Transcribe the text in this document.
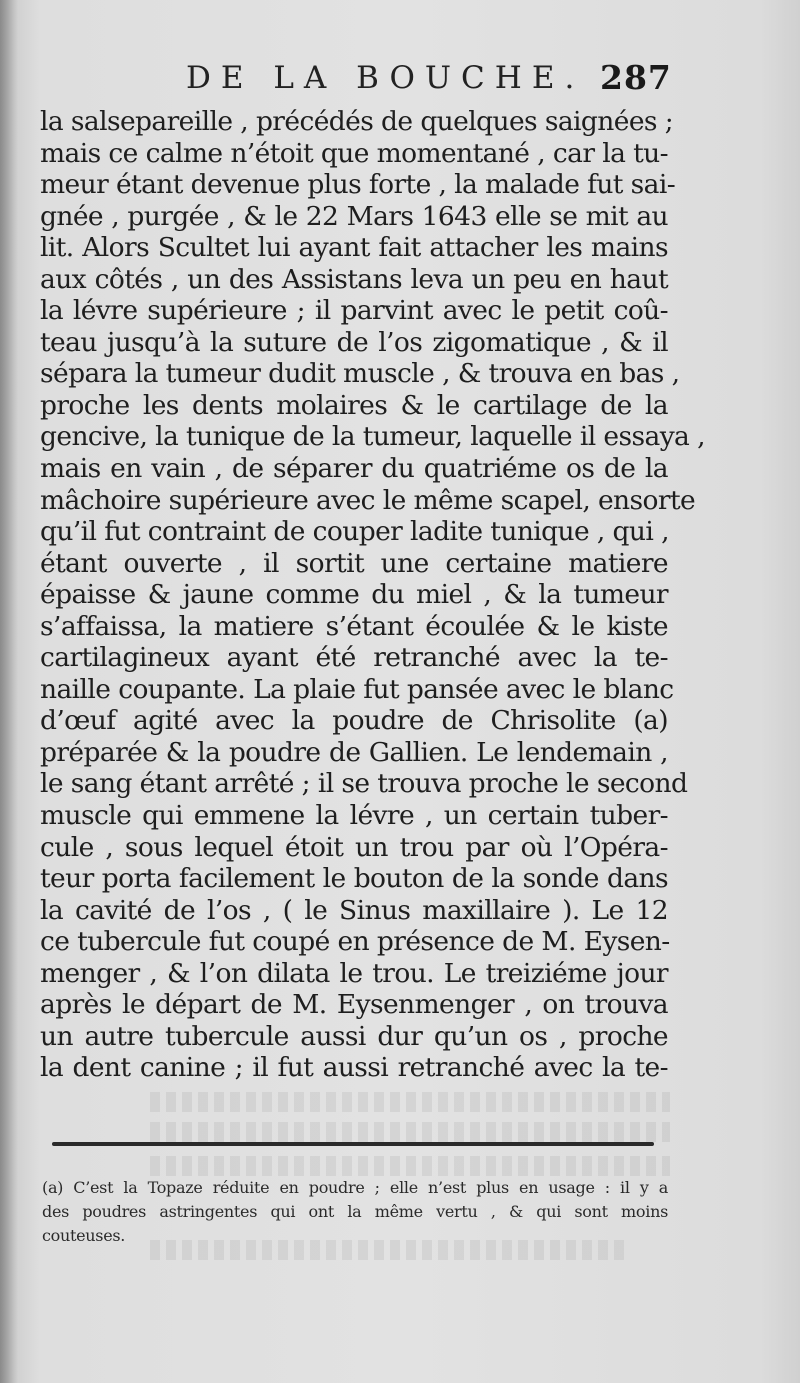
DE LA BOUCHE. 287
la salsepareille , précédés de quelques saignées ;
mais ce calme n’étoit que momentané , car la tu-
meur étant devenue plus forte , la malade fut sai-
gnée , purgée , & le 22 Mars 1643 elle se mit au
lit. Alors Scultet lui ayant fait attacher les mains
aux côtés , un des Assistans leva un peu en haut
la lévre supérieure ; il parvint avec le petit coû-
teau jusqu’à la suture de l’os zigomatique , & il
sépara la tumeur dudit muscle , & trouva en bas ,
proche les dents molaires & le cartilage de la
gencive, la tunique de la tumeur, laquelle il essaya ,
mais en vain , de séparer du quatriéme os de la
mâchoire supérieure avec le même scapel, ensorte
qu’il fut contraint de couper ladite tunique , qui ,
étant ouverte , il sortit une certaine matiere
épaisse & jaune comme du miel , & la tumeur
s’affaissa, la matiere s’étant écoulée & le kiste
cartilagineux ayant été retranché avec la te-
naille coupante. La plaie fut pansée avec le blanc
d’œuf agité avec la poudre de Chrisolite (a)
préparée & la poudre de Gallien. Le lendemain ,
le sang étant arrêté ; il se trouva proche le second
muscle qui emmene la lévre , un certain tuber-
cule , sous lequel étoit un trou par où l’Opéra-
teur porta facilement le bouton de la sonde dans
la cavité de l’os , ( le Sinus maxillaire ). Le 12
ce tubercule fut coupé en présence de M. Eysen-
menger , & l’on dilata le trou. Le treiziéme jour
après le départ de M. Eysenmenger , on trouva
un autre tubercule aussi dur qu’un os , proche
la dent canine ; il fut aussi retranché avec la te-
(a) C’est la Topaze réduite en poudre ; elle n’est plus en usage : il y a
des poudres astringentes qui ont la même vertu , & qui sont moins
couteuses.
